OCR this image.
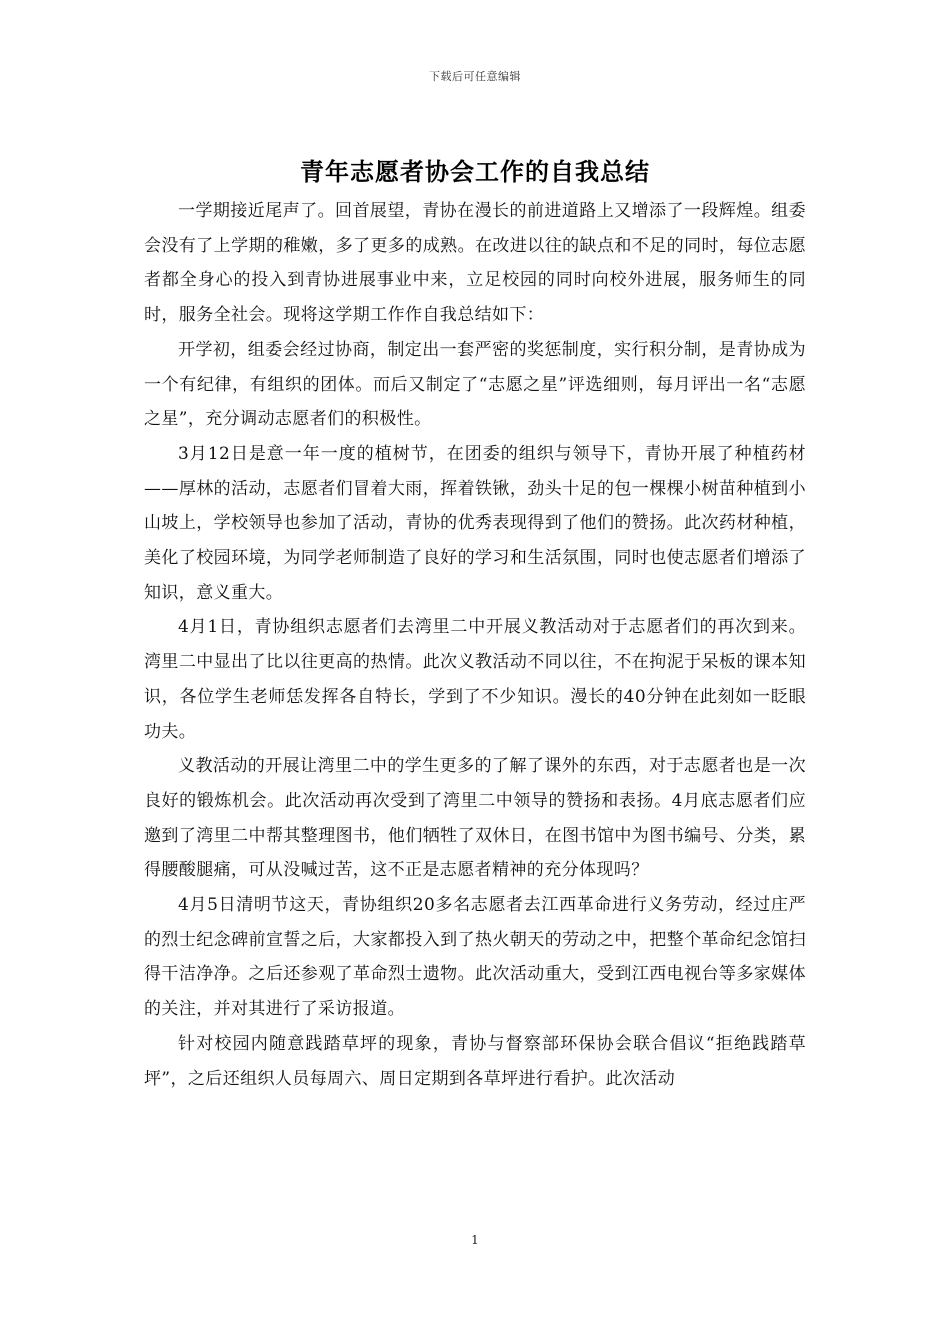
下载后可任意编辑
青年志愿者协会工作的自我总结

一学期接近尾声了。回首展望，青协在漫长的前进道路上又增添了一段辉煌。组委会没有了上学期的稚嫩，多了更多的成熟。在改进以往的缺点和不足的同时，每位志愿者都全身心的投入到青协进展事业中来，立足校园的同时向校外进展，服务师生的同时，服务全社会。现将这学期工作作自我总结如下：

开学初，组委会经过协商，制定出一套严密的奖惩制度，实行积分制，是青协成为一个有纪律，有组织的团体。而后又制定了“志愿之星”评选细则，每月评出一名“志愿之星”，充分调动志愿者们的积极性。

3月12日是意一年一度的植树节，在团委的组织与领导下，青协开展了种植药材——厚林的活动，志愿者们冒着大雨，挥着铁锹，劲头十足的包一棵棵小树苗种植到小山坡上，学校领导也参加了活动，青协的优秀表现得到了他们的赞扬。此次药材种植，美化了校园环境，为同学老师制造了良好的学习和生活氛围，同时也使志愿者们增添了知识，意义重大。

4月1日，青协组织志愿者们去湾里二中开展义教活动对于志愿者们的再次到来。湾里二中显出了比以往更高的热情。此次义教活动不同以往，不在拘泥于呆板的课本知识，各位学生老师恁发挥各自特长，学到了不少知识。漫长的40分钟在此刻如一眨眼功夫。

义教活动的开展让湾里二中的学生更多的了解了课外的东西，对于志愿者也是一次良好的锻炼机会。此次活动再次受到了湾里二中领导的赞扬和表扬。4月底志愿者们应邀到了湾里二中帮其整理图书，他们牺牲了双休日，在图书馆中为图书编号、分类，累得腰酸腿痛，可从没喊过苦，这不正是志愿者精神的充分体现吗？

4月5日清明节这天，青协组织20多名志愿者去江西革命进行义务劳动，经过庄严的烈士纪念碑前宣誓之后，大家都投入到了热火朝天的劳动之中，把整个革命纪念馆扫得干洁净净。之后还参观了革命烈士遗物。此次活动重大，受到江西电视台等多家媒体的关注，并对其进行了采访报道。

针对校园内随意践踏草坪的现象，青协与督察部环保协会联合倡议“拒绝践踏草坪”，之后还组织人员每周六、周日定期到各草坪进行看护。此次活动

1
